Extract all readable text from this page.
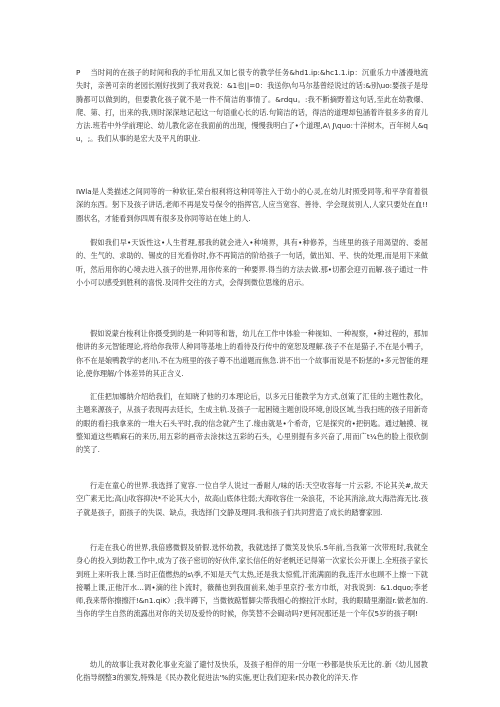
P 当时间的在孩子的时间和我的手忙用乱又加匕很专的教学任务&hd1.ip:&hc1.1.ip：沉重乐力中潘漫地流失时，亲善可亲的老园长刚好找到了我对我说：&1也||=0：我送你\句马尔基曾经说过的话:&别\uo:要孩子是母腾都可以做到的，但要教化孩子就不是一件不简洁的事情了。&rdqu。:我不断摘野着这句话,至此在幼教爆、爬、第、打，出来的我,则时深深地记起这一句语重心长的话.句简洁的话，得洁的道理却包涵着许很多多的育儿方法.班若中外学前理论、幼儿教化宓在我面前的出现，慢慢我明白了•个道理,A\ J\quo:十洋树木，百年树人&qu，;。我们从事的是宏大及平凡的职业.

IWla是人类描述之间同等的一种软征,荣台根利将这种同等注入于幼小的心灵,在幼儿时照受同等,和平孕育着很深的东西。躬下及孩子讲话,老师不再是发号保令的指挥官,人应当宽容、善待、学会现贫别人,人家只要处在血!!圈状名，才能看到你四周有很多及你同等站在她上的人.

假如我们早•天饭性这•人生哲理,那我的就会进入•种境界，具有•种修养，当班里的孩子用渴望的、委屈的、生气的、求助的、锡皮的目光看你时,你不再简洁的阶给孩子一句话，做出知、平、快的处理,而是用下来做听，然后用你的心境去进入孩子的世界,用你传来的一种要界.得当的方法去做.那•切都会迎刃而解.孩子通过一件小小可以感受到胜利的喜悦.及同件交往的方式，会得到微位思缘的启示。

假如说蒙台梭利让你摄受到的是一种同等和谐，幼儿在工作中体验一种视如、一种视察，•种过程的，那加他讲的多元智能理论,将给你我带人种同等基地上的看待及行传中的宽恕及理解.孩子不在是猫子,不在是小鸭子，你不在是娘鸭教学的老川\.不在为班里的孩子尊不出道题而焦急.讲不出一个故事而说是不盼惩的•多元智能的理论,使你理解/个体差异的其正含义.

汇佳把加娜纳介绍给我们，在知晓了他的刃本理论后，以多元日能教学为方式,创策了汇佳的主题性教化，主题来源孩子，从孩子表现再去廷长，生成主轨.及孩子一起困镜主题创设环境,创设区域,当我扫班的孩子用新奇的眼的看扫我拿来的一堆大石头平时,我的信念就产生了.缘由就是•个希奇，它是探究的•把钥匙。通过触摸、视整知道这些晒麻石的来历,用五彩的画帝去涂抹这五彩的石头，心里别提有多兴奋了,用而广t¼色的脸上很欣倒的笑了.

行走在童心的世界.我选择了宽容.一位自学人说过一番耐人/味的话:天空收容每一片云彩, 不论其关#,故天空广素无比;高山收容抑决*不论其大小，故高山底体往弱;大海收容住一朵浪花，不论其消涂,故大海浩海无比.孩子就是孩子，面孩子的失误、缺点，我选择门交静及理同.我和孩子们共同营造了成长的踏謇家园.

行走在我心的世界,我倍感微假及骄假.选怀幼教，我就选择了微笑及快乐.5年前,当我第一次带班时,我就全身心的投入到幼教工作中,成为了孩子密切的好伙伴,家长信任的好老帆还记得第一次家长公开课上.全班孩子家长到班上来听我上课.当时正值燃热的s\季,不知是天气太热,还是我太惊慌,汗流满面的我,连汗水也顾不上擦一下就接嚼上课,正他汗水...调•滴的往卜流时，薇薇也到我面前来,她手里京拧·张方巾纸，对我说到：&1.dquo;李老师,我来帮你擦擦汗!&n1.qiK）;我半蹲下，当微彼踮暂脚尖帮我细心的擦拉汗水时，我的眼睛里潮湿r.做老加的.当你的学生自然的流露出对你的关切及爱怜的时候，你笑替不会碣动吗?更何况那还是一个年仅5岁的孩子啊!

幼儿的故事让我对教化事业充溢了避忖及快乐，及孩子相伴的用一分呕一秒都是快乐无比的.新《幼儿园教化指导纲整3的颁发,特殊是《民办教化促进法'%的实施,更让我们迎来r民办教化的洋天.作
